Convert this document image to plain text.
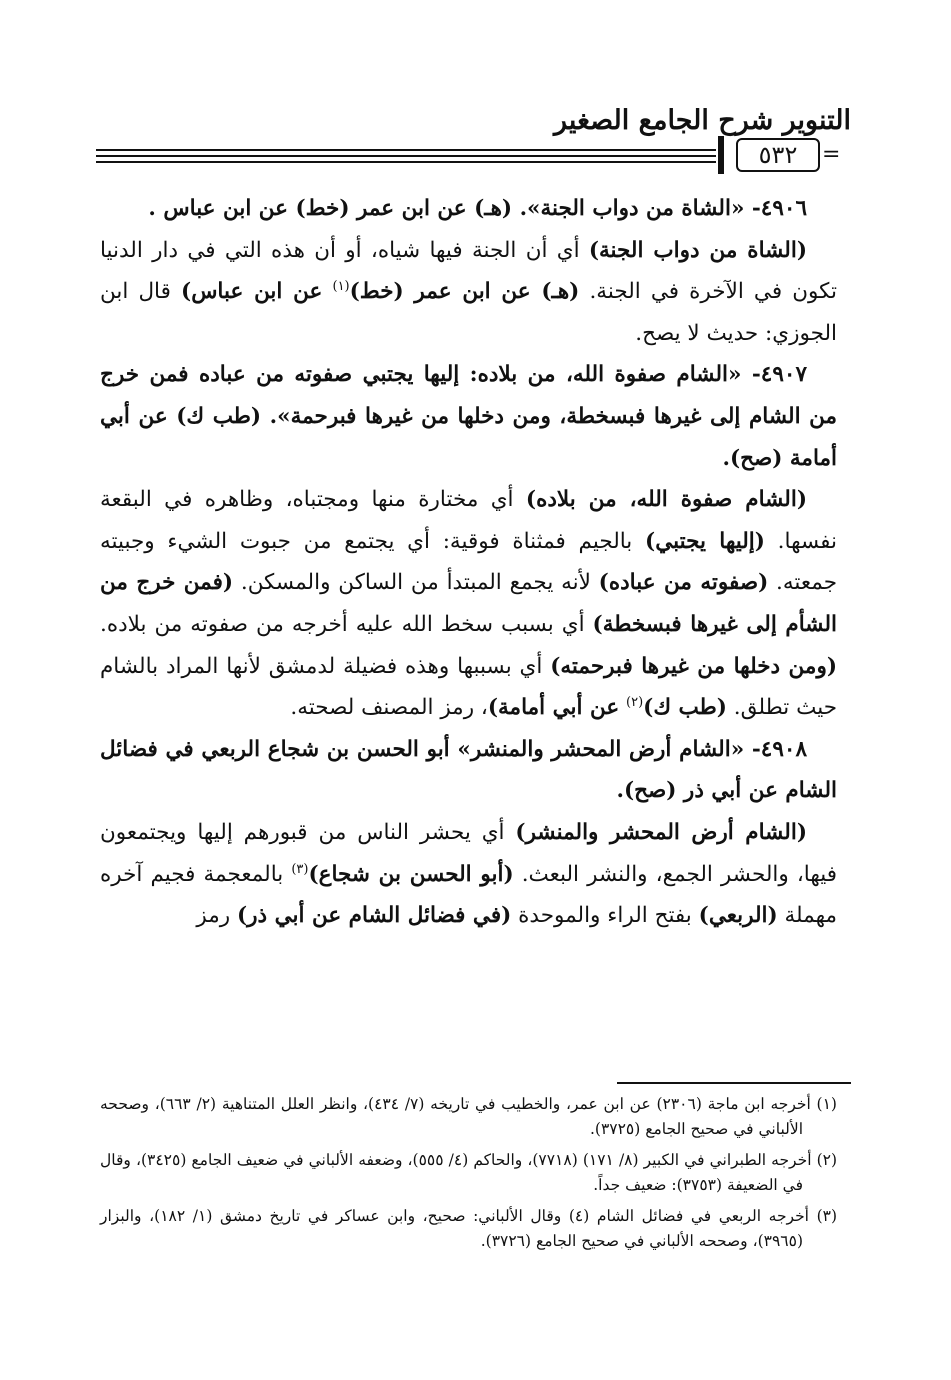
التنوير شرح الجامع الصغير
٥٣٢	=

٤٩٠٦- «الشاة من دواب الجنة». (هـ) عن ابن عمر (خط) عن ابن عباس .

(الشاة من دواب الجنة) أي أن الجنة فيها شياه، أو أن هذه التي في دار الدنيا تكون في الآخرة في الجنة. (هـ) عن ابن عمر (خط)$^{(١)}$ عن ابن عباس) قال ابن الجوزي: حديث لا يصح.

٤٩٠٧- «الشام صفوة الله، من بلاده: إليها يجتبي صفوته من عباده فمن خرج من الشام إلى غيرها فبسخطة، ومن دخلها من غيرها فبرحمة». (طب ك) عن أبي أمامة (صح).

(الشام صفوة الله، من بلاده) أي مختارة منها ومجتباه، وظاهره في البقعة نفسها. (إليها يجتبي) بالجيم فمثناة فوقية: أي يجتمع من جبوت الشيء وجبيته جمعته. (صفوته من عباده) لأنه يجمع المبتدأ من الساكن والمسكن. (فمن خرج من الشأم إلى غيرها فبسخطة) أي بسبب سخط الله عليه أخرجه من صفوته من بلاده. (ومن دخلها من غيرها فبرحمته) أي بسببها وهذه فضيلة لدمشق لأنها المراد بالشام حيث تطلق. (طب ك)$^{(٢)}$ عن أبي أمامة)، رمز المصنف لصحته.

٤٩٠٨- «الشام أرض المحشر والمنشر» أبو الحسن بن شجاع الربعي في فضائل الشام عن أبي ذر (صح).

(الشام أرض المحشر والمنشر) أي يحشر الناس من قبورهم إليها ويجتمعون فيها، والحشر الجمع، والنشر البعث. (أبو الحسن بن شجاع)$^{(٣)}$ بالمعجمة فجيم آخره مهملة (الربعي) بفتح الراء والموحدة (في فضائل الشام عن أبي ذر) رمز

(١) أخرجه ابن ماجة (٢٣٠٦) عن ابن عمر، والخطيب في تاريخه (٧/ ٤٣٤)، وانظر العلل المتناهية (٢/ ٦٦٣)، وصححه الألباني في صحيح الجامع (٣٧٢٥).

(٢) أخرجه الطبراني في الكبير (٨/ ١٧١) (٧٧١٨)، والحاكم (٤/ ٥٥٥)، وضعفه الألباني في ضعيف الجامع (٣٤٢٥)، وقال في الضعيفة (٣٧٥٣): ضعيف جداً.

(٣) أخرجه الربعي في فضائل الشام (٤) وقال الألباني: صحيح، وابن عساكر في تاريخ دمشق (١/ ١٨٢)، والبزار (٣٩٦٥)، وصححه الألباني في صحيح الجامع (٣٧٢٦).
